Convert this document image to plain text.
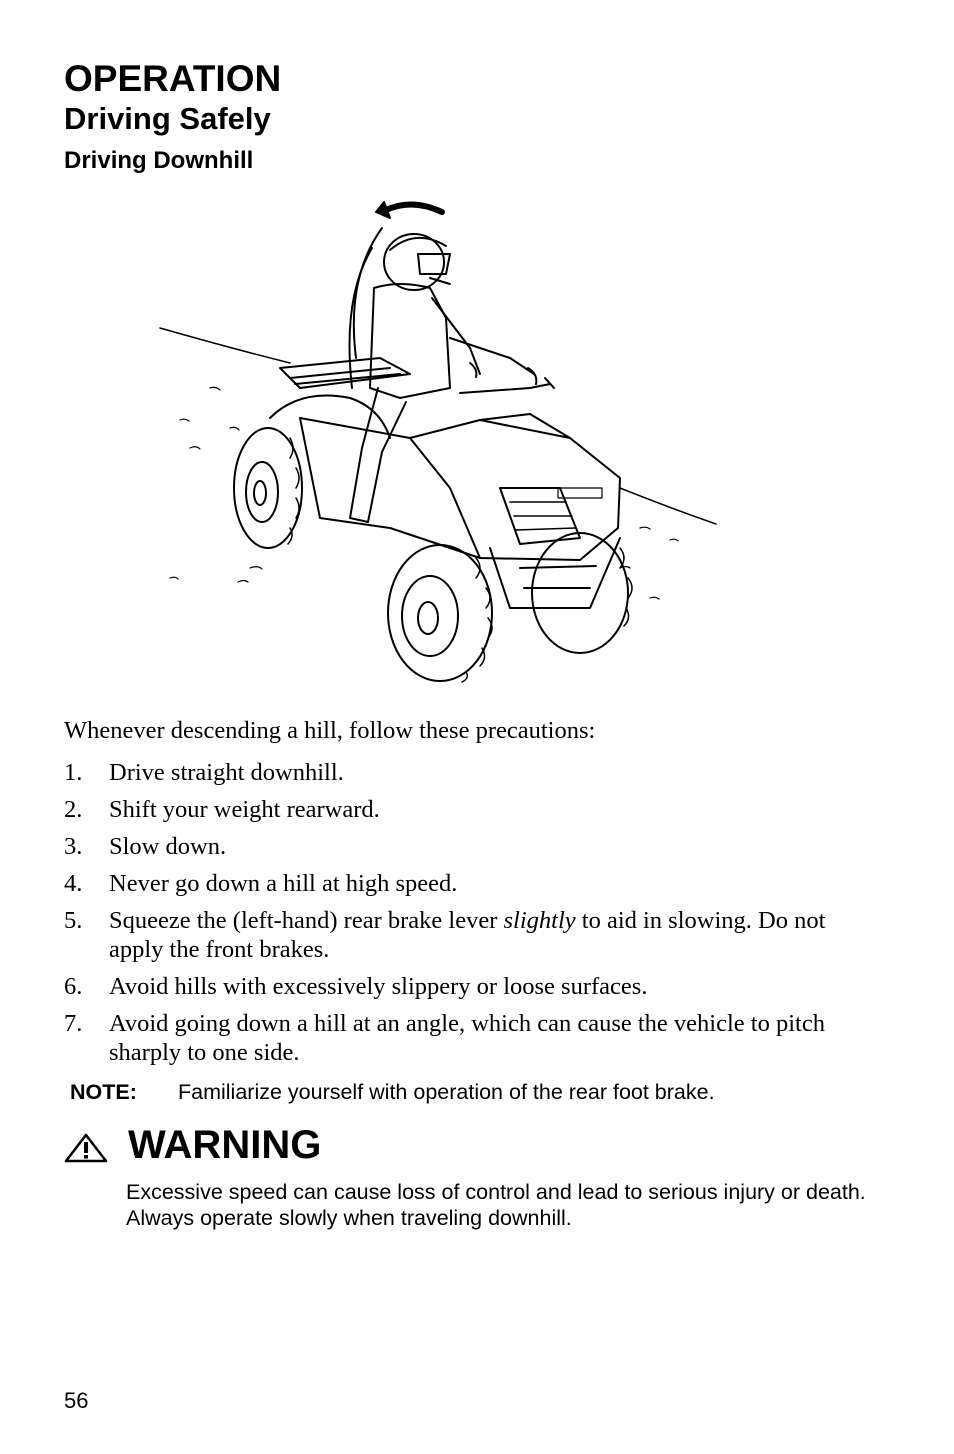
OPERATION
Driving Safely
Driving Downhill

Whenever descending a hill, follow these precautions:

1. Drive straight downhill.
2. Shift your weight rearward.
3. Slow down.
4. Never go down a hill at high speed.
5. Squeeze the (left‑hand) rear brake lever slightly to aid in slowing. Do not apply the front brakes.
6. Avoid hills with excessively slippery or loose surfaces.
7. Avoid going down a hill at an angle, which can cause the vehicle to pitch sharply to one side.
NOTE: Familiarize yourself with operation of the rear foot brake.
WARNING

Excessive speed can cause loss of control and lead to serious injury or death. Always operate slowly when traveling downhill.

56
